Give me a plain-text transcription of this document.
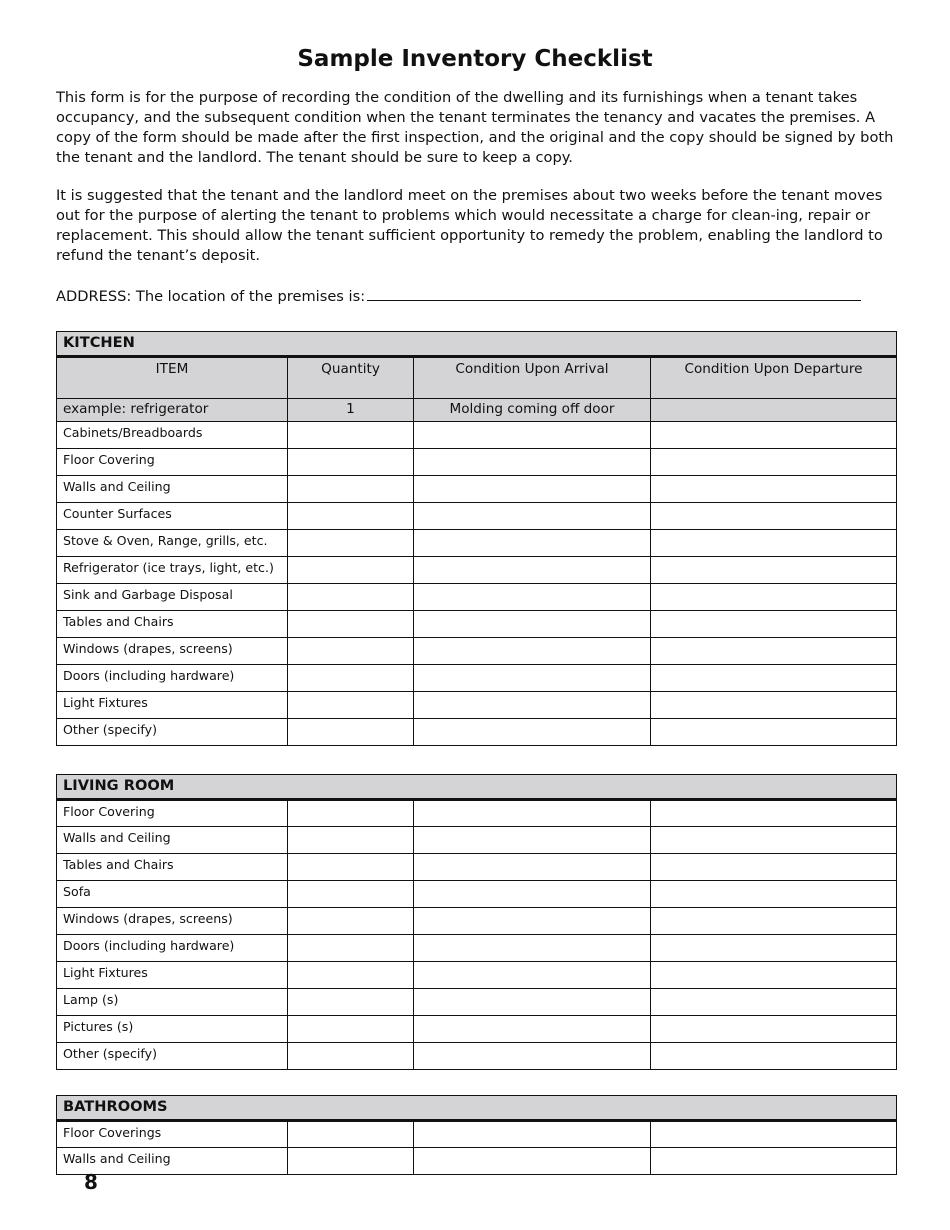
Sample Inventory Checklist
This form is for the purpose of recording the condition of the dwelling and its furnishings when a tenant takes occupancy, and the subsequent condition when the tenant terminates the tenancy and vacates the premises. A copy of the form should be made after the first inspection, and the original and the copy should be signed by both the tenant and the landlord. The tenant should be sure to keep a copy.
It is suggested that the tenant and the landlord meet on the premises about two weeks before the tenant moves out for the purpose of alerting the tenant to problems which would necessitate a charge for clean-ing, repair or replacement. This should allow the tenant sufficient opportunity to remedy the problem, enabling the landlord to refund the tenant’s deposit.
ADDRESS: The location of the premises is:
KITCHEN			
ITEM	Quantity	Condition Upon Arrival	Condition Upon Departure
example: refrigerator	1	Molding coming off door	
Cabinets/Breadboards			
Floor Covering			
Walls and Ceiling			
Counter Surfaces			
Stove & Oven, Range, grills, etc.			
Refrigerator (ice trays, light, etc.)			
Sink and Garbage Disposal			
Tables and Chairs			
Windows (drapes, screens)			
Doors (including hardware)			
Light Fixtures			
Other (specify)			
LIVING ROOM			
Floor Covering			
Walls and Ceiling			
Tables and Chairs			
Sofa			
Windows (drapes, screens)			
Doors (including hardware)			
Light Fixtures			
Lamp (s)			
Pictures (s)			
Other (specify)			
BATHROOMS			
Floor Coverings			
Walls and Ceiling			
8
